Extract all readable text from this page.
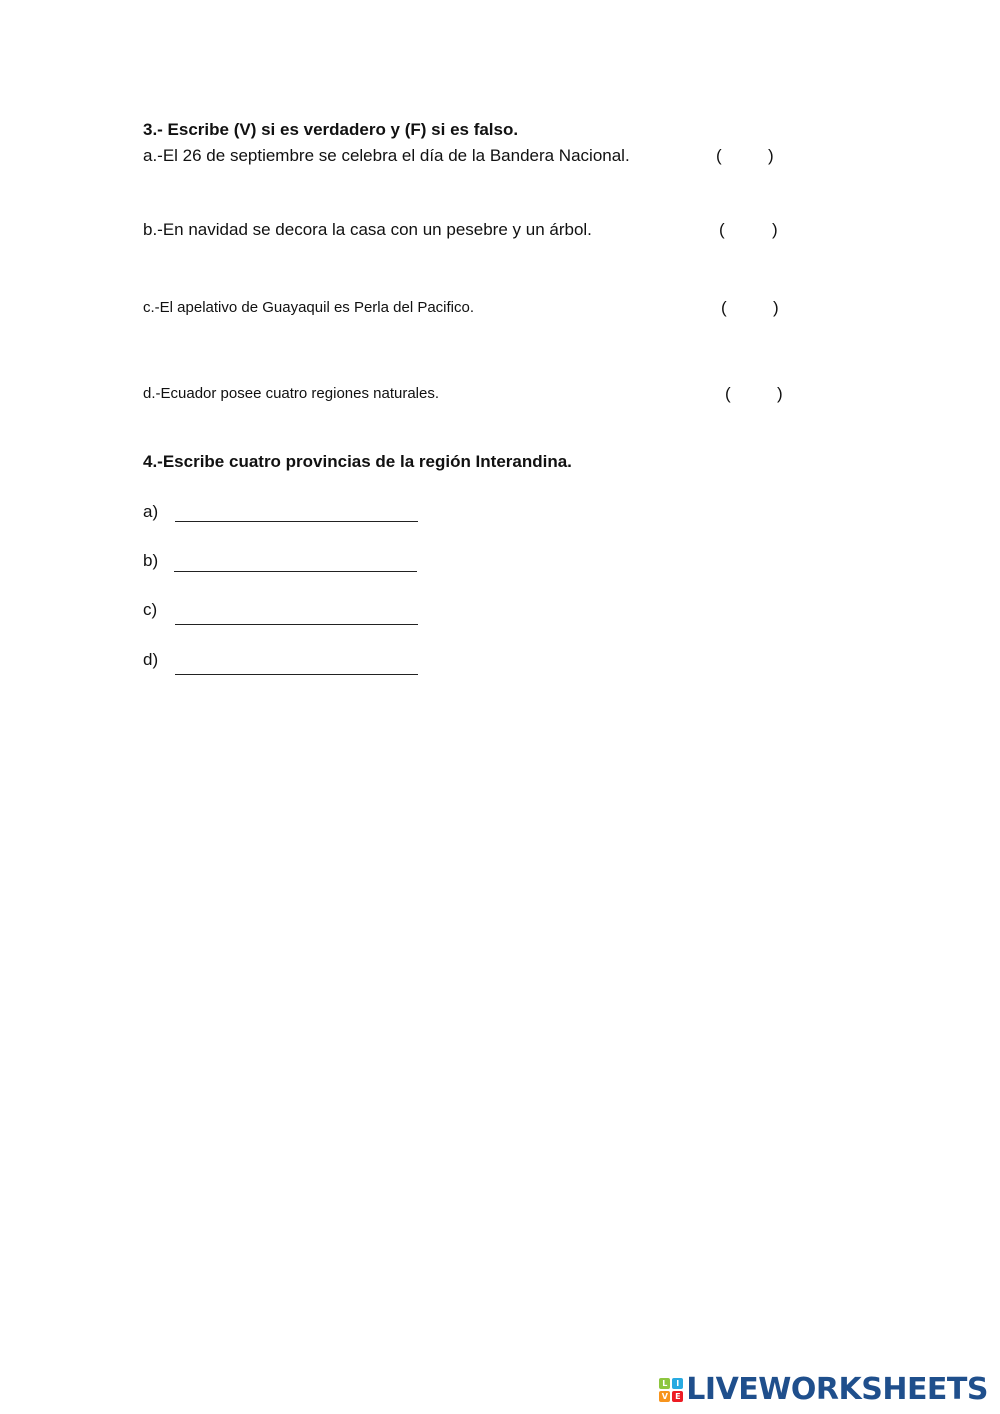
3.- Escribe (V) si es verdadero y (F) si es falso.
a.-El 26 de septiembre se celebra el día de la Bandera Nacional.	(	)
b.-En navidad se decora la casa con un pesebre y un árbol.	(	)
c.-El apelativo de Guayaquil es Perla del Pacifico.	(	)
d.-Ecuador posee cuatro regiones naturales.	(	)
4.-Escribe cuatro provincias de la región Interandina.
a)
b)
c)
d)
L	I
V E LIVEWORKSHEETS
